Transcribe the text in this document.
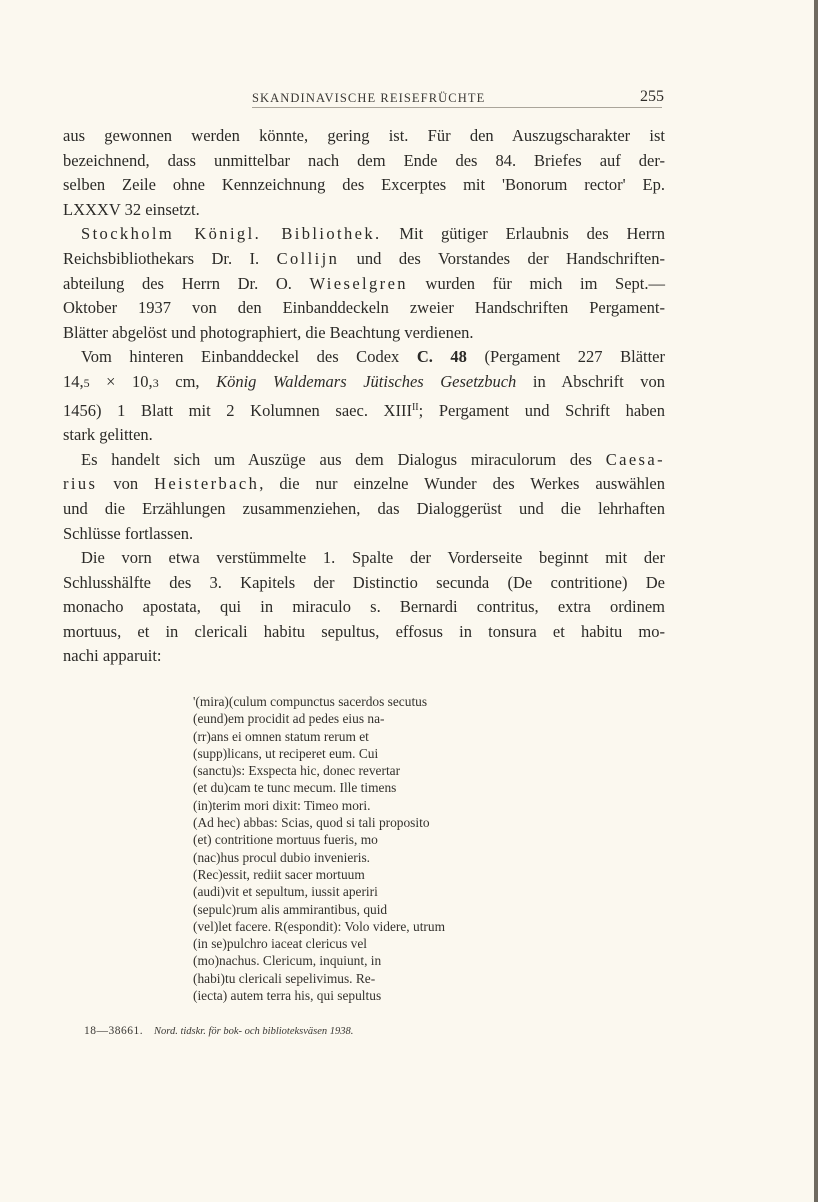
SKANDINAVISCHE REISEFRÜCHTE	255
aus gewonnen werden könnte, gering ist. Für den Auszugscharakter ist
bezeichnend, dass unmittelbar nach dem Ende des 84. Briefes auf der-
selben Zeile ohne Kennzeichnung des Excerptes mit 'Bonorum rector' Ep.
LXXXV 32 einsetzt.
Stockholm Königl. Bibliothek. Mit gütiger Erlaubnis des Herrn
Reichsbibliothekars Dr. I. Collijn und des Vorstandes der Handschriften-
abteilung des Herrn Dr. O. Wieselgren wurden für mich im Sept.—
Oktober 1937 von den Einbanddeckeln zweier Handschriften Pergament-
Blätter abgelöst und photographiert, die Beachtung verdienen.
Vom hinteren Einbanddeckel des Codex C. 48 (Pergament 227 Blätter
14,5 × 10,3 cm, König Waldemars Jütisches Gesetzbuch in Abschrift von
1456) 1 Blatt mit 2 Kolumnen saec. $XIII^{II}$; Pergament und Schrift haben
stark gelitten.
Es handelt sich um Auszüge aus dem Dialogus miraculorum des Caesa-
rius von Heisterbach, die nur einzelne Wunder des Werkes auswählen
und die Erzählungen zusammenziehen, das Dialoggerüst und die lehrhaften
Schlüsse fortlassen.
Die vorn etwa verstümmelte 1. Spalte der Vorderseite beginnt mit der
Schlusshälfte des 3. Kapitels der Distinctio secunda (De contritione) De
monacho apostata, qui in miraculo s. Bernardi contritus, extra ordinem
mortuus, et in clericali habitu sepultus, effosus in tonsura et habitu mo-
nachi apparuit:
'(mira)(culum compunctus sacerdos secutus
(eund)em procidit ad pedes eius na-
(rr)ans ei omnen statum rerum et
(supp)licans, ut reciperet eum. Cui
(sanctu)s: Exspecta hic, donec revertar
(et du)cam te tunc mecum. Ille timens
(in)terim mori dixit: Timeo mori.
(Ad hec) abbas: Scias, quod si tali proposito
(et) contritione mortuus fueris, mo
(nac)hus procul dubio invenieris.
(Rec)essit, rediit sacer mortuum
(audi)vit et sepultum, iussit aperiri
(sepulc)rum alis ammirantibus, quid
(vel)let facere. R(espondit): Volo videre, utrum
(in se)pulchro iaceat clericus vel
(mo)nachus. Clericum, inquiunt, in
(habi)tu clericali sepelivimus. Re-
(iecta) autem terra his, qui sepultus
18—38661. Nord. tidskr. för bok- och biblioteksväsen 1938.
